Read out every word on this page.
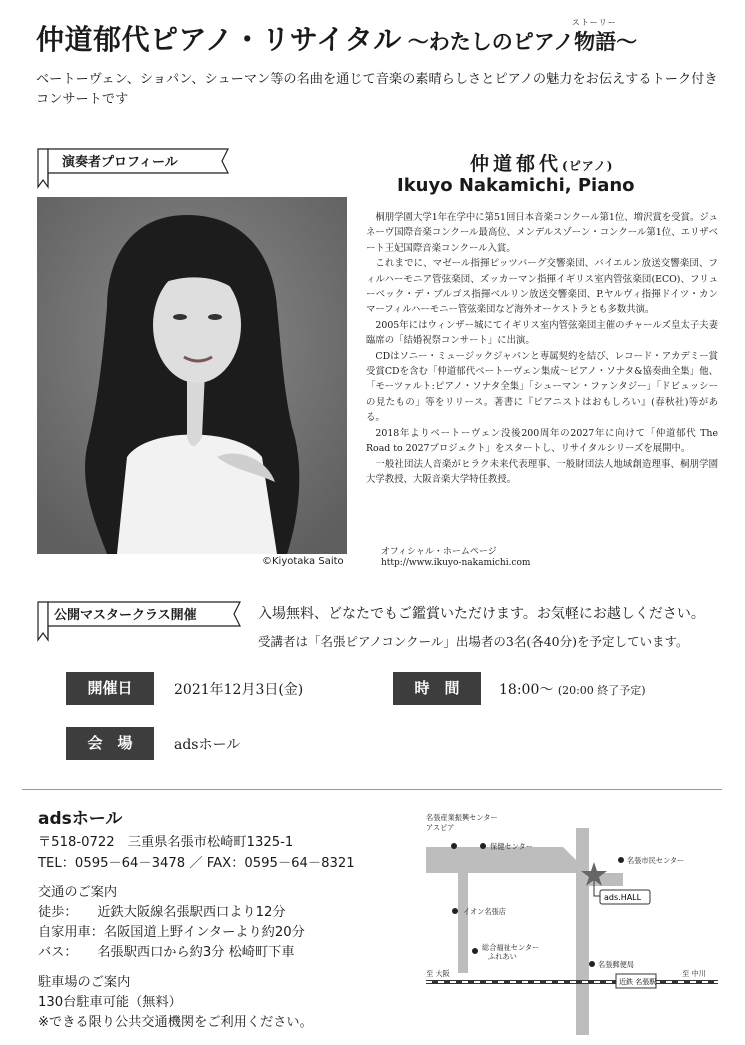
仲道郁代ピアノ・リサイタル 〜わたしのピアノ物語〜
ストーリー
ベートーヴェン、ショパン、シューマン等の名曲を通じて音楽の素晴らしさとピアノの魅力をお伝えするトーク付きコンサートです
演奏者プロフィール
©Kiyotaka Saito
仲道郁代(ピアノ)
Ikuyo Nakamichi, Piano

桐朋学園大学1年在学中に第51回日本音楽コンクール第1位、増沢賞を受賞。ジュネーヴ国際音楽コンクール最高位、メンデルスゾーン・コンクール第1位、エリザベート王妃国際音楽コンクール入賞。

これまでに、マゼール指揮ピッツバーグ交響楽団、バイエルン放送交響楽団、フィルハーモニア管弦楽団、ズッカーマン指揮イギリス室内管弦楽団(ECO)、フリューベック・デ・ブルゴス指揮ベルリン放送交響楽団、P.ヤルヴィ指揮ドイツ・カンマーフィルハーモニー管弦楽団など海外オーケストラとも多数共演。

2005年にはウィンザー城にてイギリス室内管弦楽団主催のチャールズ皇太子夫妻臨席の「結婚祝祭コンサート」に出演。

CDはソニー・ミュージックジャパンと専属契約を結び、レコード・アカデミー賞受賞CDを含む「仲道郁代ベートーヴェン集成〜ピアノ・ソナタ&協奏曲全集」他、「モーツァルト:ピアノ・ソナタ全集」「シューマン・ファンタジー」「ドビュッシーの見たもの」等をリリース。著書に『ピアニストはおもしろい』(春秋社)等がある。

2018年よりベートーヴェン没後200周年の2027年に向けて「仲道郁代 The Road to 2027プロジェクト」をスタートし、リサイタルシリーズを展開中。

一般社団法人音楽がヒラク未来代表理事、一般財団法人地域創造理事、桐朋学園大学教授、大阪音楽大学特任教授。

オフィシャル・ホームページ
http://www.ikuyo-nakamichi.com
公開マスタークラス開催	入場無料、どなたでもご鑑賞いただけます。お気軽にお越しください。
受講者は「名張ピアノコンクール」出場者の3名(各40分)を予定しています。
開催日	2021年12月3日(金)	時　間	18:00〜 (20:00 終了予定)
会　場	adsホール
adsホール
〒518-0722　三重県名張市松崎町1325-1
TEL：0595－64－3478 ／ FAX：0595－64－8321
交通のご案内
徒歩：　　近鉄大阪線名張駅西口より12分
自家用車：名阪国道上野インターより約20分
バス：　　名張駅西口から約3分 松崎町下車
駐車場のご案内
130台駐車可能（無料）
※できる限り公共交通機関をご利用ください。
近鉄 名張駅
ads.HALL
名張産業振興センター
アスピア
保健センター
名張市民センター
イオン名張店
総合福祉センター
ふれあい
名張郵便局
至 大阪	至 中川
